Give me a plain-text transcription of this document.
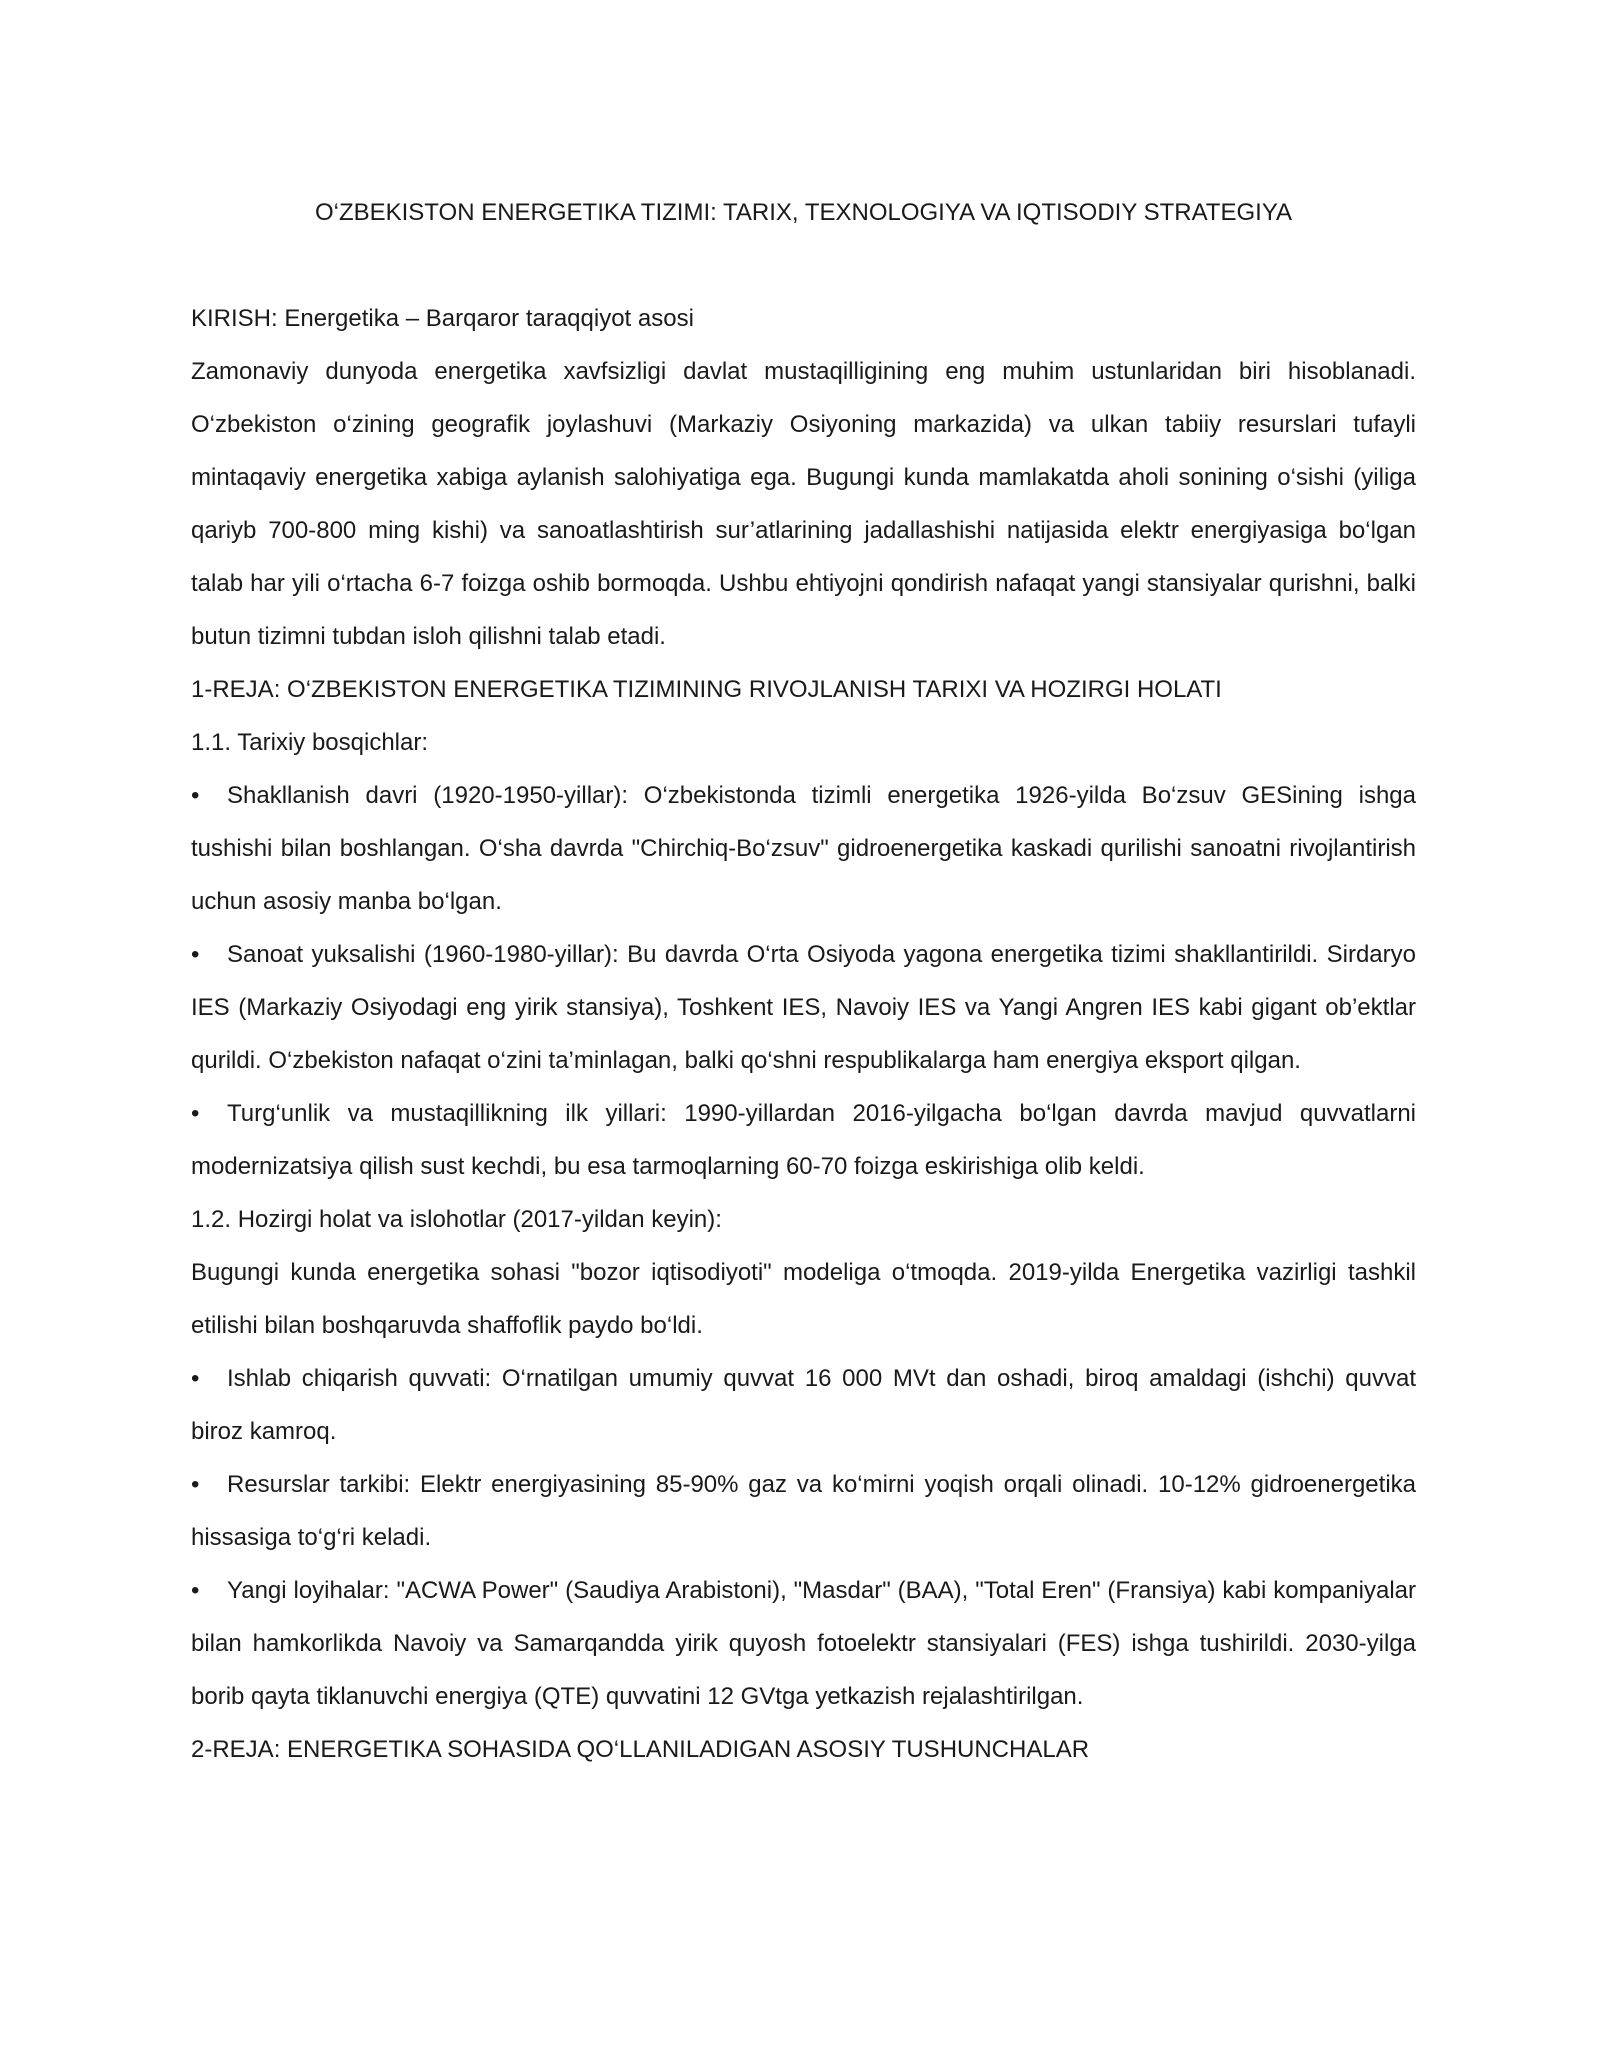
O‘ZBEKISTON ENERGETIKA TIZIMI: TARIX, TEXNOLOGIYA VA IQTISODIY STRATEGIYA

KIRISH: Energetika – Barqaror taraqqiyot asosi

Zamonaviy dunyoda energetika xavfsizligi davlat mustaqilligining eng muhim ustunlaridan biri hisoblanadi. O‘zbekiston o‘zining geografik joylashuvi (Markaziy Osiyoning markazida) va ulkan tabiiy resurslari tufayli mintaqaviy energetika xabiga aylanish salohiyatiga ega. Bugungi kunda mamlakatda aholi sonining o‘sishi (yiliga qariyb 700-800 ming kishi) va sanoatlashtirish sur’atlarining jadallashishi natijasida elektr energiyasiga bo‘lgan talab har yili o‘rtacha 6-7 foizga oshib bormoqda. Ushbu ehtiyojni qondirish nafaqat yangi stansiyalar qurishni, balki butun tizimni tubdan isloh qilishni talab etadi.

1-REJA: O‘ZBEKISTON ENERGETIKA TIZIMINING RIVOJLANISH TARIXI VA HOZIRGI HOLATI

1.1. Tarixiy bosqichlar:

• Shakllanish davri (1920-1950-yillar): O‘zbekistonda tizimli energetika 1926-yilda Bo‘zsuv GESining ishga tushishi bilan boshlangan. O‘sha davrda "Chirchiq-Bo‘zsuv" gidroenergetika kaskadi qurilishi sanoatni rivojlantirish uchun asosiy manba bo‘lgan.

• Sanoat yuksalishi (1960-1980-yillar): Bu davrda O‘rta Osiyoda yagona energetika tizimi shakllantirildi. Sirdaryo IES (Markaziy Osiyodagi eng yirik stansiya), Toshkent IES, Navoiy IES va Yangi Angren IES kabi gigant ob’ektlar qurildi. O‘zbekiston nafaqat o‘zini ta’minlagan, balki qo‘shni respublikalarga ham energiya eksport qilgan.

• Turg‘unlik va mustaqillikning ilk yillari: 1990-yillardan 2016-yilgacha bo‘lgan davrda mavjud quvvatlarni modernizatsiya qilish sust kechdi, bu esa tarmoqlarning 60-70 foizga eskirishiga olib keldi.

1.2. Hozirgi holat va islohotlar (2017-yildan keyin):

Bugungi kunda energetika sohasi "bozor iqtisodiyoti" modeliga o‘tmoqda. 2019-yilda Energetika vazirligi tashkil etilishi bilan boshqaruvda shaffoflik paydo bo‘ldi.

• Ishlab chiqarish quvvati: O‘rnatilgan umumiy quvvat 16 000 MVt dan oshadi, biroq amaldagi (ishchi) quvvat biroz kamroq.

• Resurslar tarkibi: Elektr energiyasining 85-90% gaz va ko‘mirni yoqish orqali olinadi. 10-12% gidroenergetika hissasiga to‘g‘ri keladi.

• Yangi loyihalar: "ACWA Power" (Saudiya Arabistoni), "Masdar" (BAA), "Total Eren" (Fransiya) kabi kompaniyalar bilan hamkorlikda Navoiy va Samarqandda yirik quyosh fotoelektr stansiyalari (FES) ishga tushirildi. 2030-yilga borib qayta tiklanuvchi energiya (QTE) quvvatini 12 GVtga yetkazish rejalashtirilgan.

2-REJA: ENERGETIKA SOHASIDA QO‘LLANILADIGAN ASOSIY TUSHUNCHALAR
